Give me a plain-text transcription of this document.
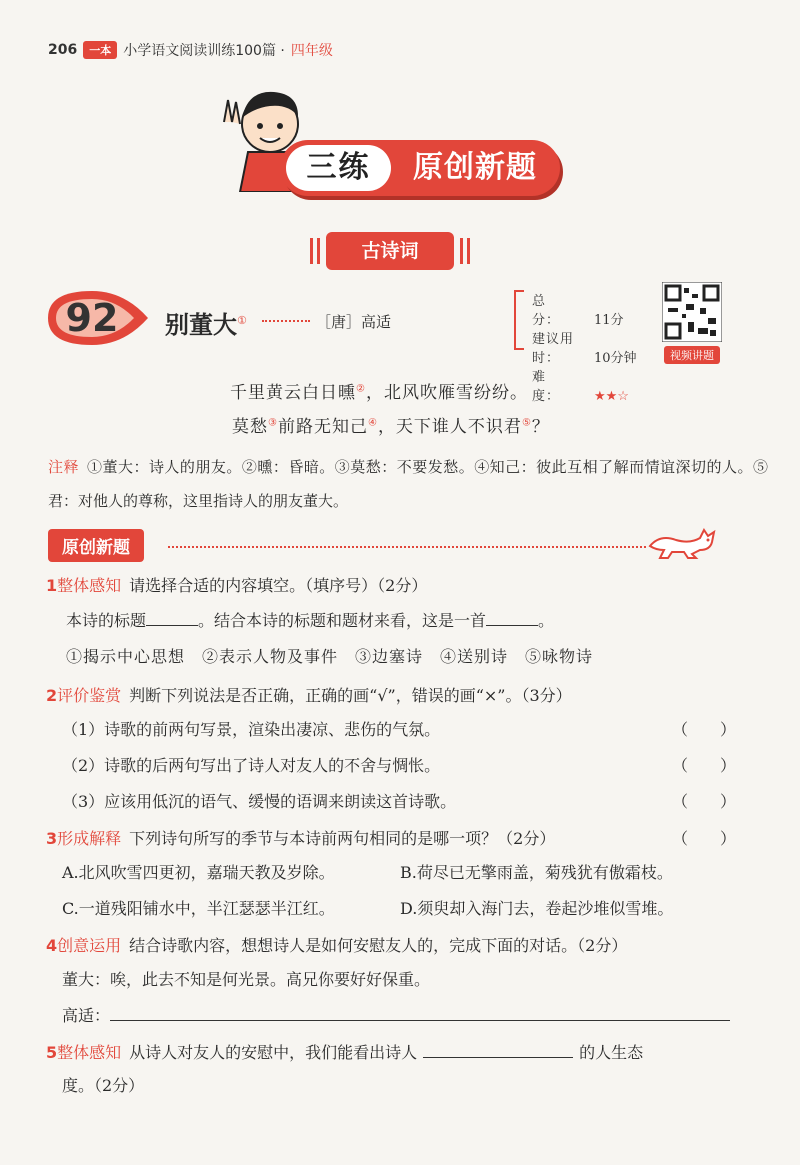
206	一本 小学语文阅读训练100篇 · 四年级
三练	原创新题
古诗词
92	别董大①	［唐］高适
总　　分：	11分
建议用时：	10分钟
难　　度：	★★☆
视频讲题
千里黄云白日曛②，北风吹雁雪纷纷。
莫愁③前路无知己④，天下谁人不识君⑤？
注释 ①董大：诗人的朋友。②曛：昏暗。③莫愁：不要发愁。④知己：彼此互相了解而情谊深切的人。⑤君：对他人的尊称，这里指诗人的朋友董大。
原创新题
1整体感知 请选择合适的内容填空。（填序号）（2分）
本诗的标题	。结合本诗的标题和题材来看，这是一首	。
①揭示中心思想　②表示人物及事件　③边塞诗　④送别诗　⑤咏物诗
2评价鉴赏 判断下列说法是否正确，正确的画“√”，错误的画“×”。（3分）
（1）诗歌的前两句写景，渲染出凄凉、悲伤的气氛。	（　　）
（2）诗歌的后两句写出了诗人对友人的不舍与惆怅。	（　　）
（3）应该用低沉的语气、缓慢的语调来朗读这首诗歌。	（　　）
3形成解释 下列诗句所写的季节与本诗前两句相同的是哪一项？（2分）	（　　）
A.北风吹雪四更初，嘉瑞天教及岁除。	B.荷尽已无擎雨盖，菊残犹有傲霜枝。
C.一道残阳铺水中，半江瑟瑟半江红。	D.须臾却入海门去，卷起沙堆似雪堆。
4创意运用 结合诗歌内容，想想诗人是如何安慰友人的，完成下面的对话。（2分）
董大：唉，此去不知是何光景。高兄你要好好保重。
高适：
5整体感知 从诗人对友人的安慰中，我们能看出诗人	的人生态
度。（2分）
